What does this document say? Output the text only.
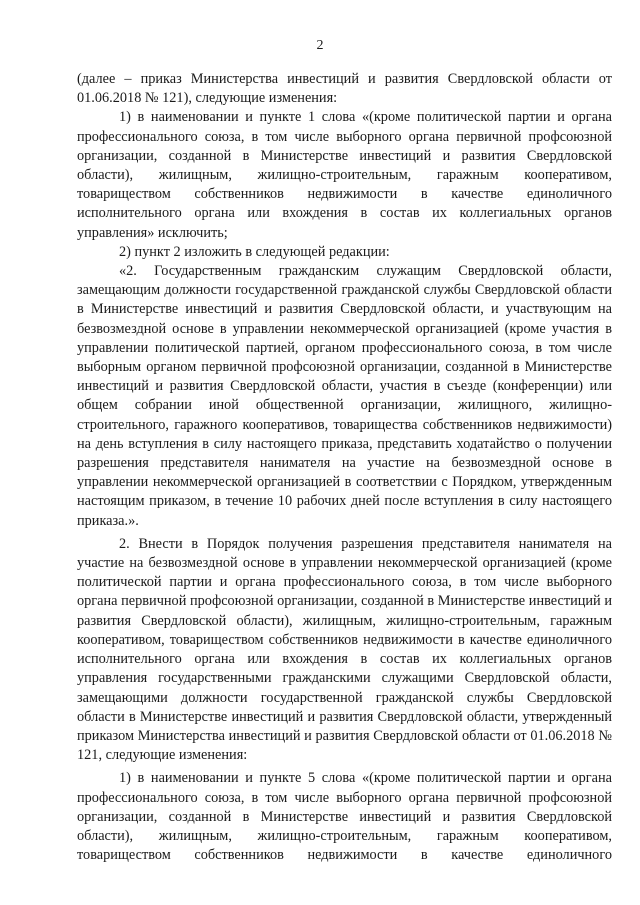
2

(далее – приказ Министерства инвестиций и развития Свердловской области от 01.06.2018 № 121), следующие изменения:

1) в наименовании и пункте 1 слова «(кроме политической партии и органа профессионального союза, в том числе выборного органа первичной профсоюзной организации, созданной в Министерстве инвестиций и развития Свердловской области), жилищным, жилищно-строительным, гаражным кооперативом, товариществом собственников недвижимости в качестве единоличного исполнительного органа или вхождения в состав их коллегиальных органов управления» исключить;

2) пункт 2 изложить в следующей редакции:

«2. Государственным гражданским служащим Свердловской области, замещающим должности государственной гражданской службы Свердловской области в Министерстве инвестиций и развития Свердловской области, и участвующим на безвозмездной основе в управлении некоммерческой организацией (кроме участия в управлении политической партией, органом профессионального союза, в том числе выборным органом первичной профсоюзной организации, созданной в Министерстве инвестиций и развития Свердловской области, участия в съезде (конференции) или общем собрании иной общественной организации, жилищного, жилищно-строительного, гаражного кооперативов, товарищества собственников недвижимости) на день вступления в силу настоящего приказа, представить ходатайство о получении разрешения представителя нанимателя на участие на безвозмездной основе в управлении некоммерческой организацией в соответствии с Порядком, утвержденным настоящим приказом, в течение 10 рабочих дней после вступления в силу настоящего приказа.».

2. Внести в Порядок получения разрешения представителя нанимателя на участие на безвозмездной основе в управлении некоммерческой организацией (кроме политической партии и органа профессионального союза, в том числе выборного органа первичной профсоюзной организации, созданной в Министерстве инвестиций и развития Свердловской области), жилищным, жилищно-строительным, гаражным кооперативом, товариществом собственников недвижимости в качестве единоличного исполнительного органа или вхождения в состав их коллегиальных органов управления государственными гражданскими служащими Свердловской области, замещающими должности государственной гражданской службы Свердловской области в Министерстве инвестиций и развития Свердловской области, утвержденный приказом Министерства инвестиций и развития Свердловской области от 01.06.2018 № 121, следующие изменения:

1) в наименовании и пункте 5 слова «(кроме политической партии и органа профессионального союза, в том числе выборного органа первичной профсоюзной организации, созданной в Министерстве инвестиций и развития Свердловской области), жилищным, жилищно-строительным, гаражным кооперативом, товариществом собственников недвижимости в качестве единоличного
